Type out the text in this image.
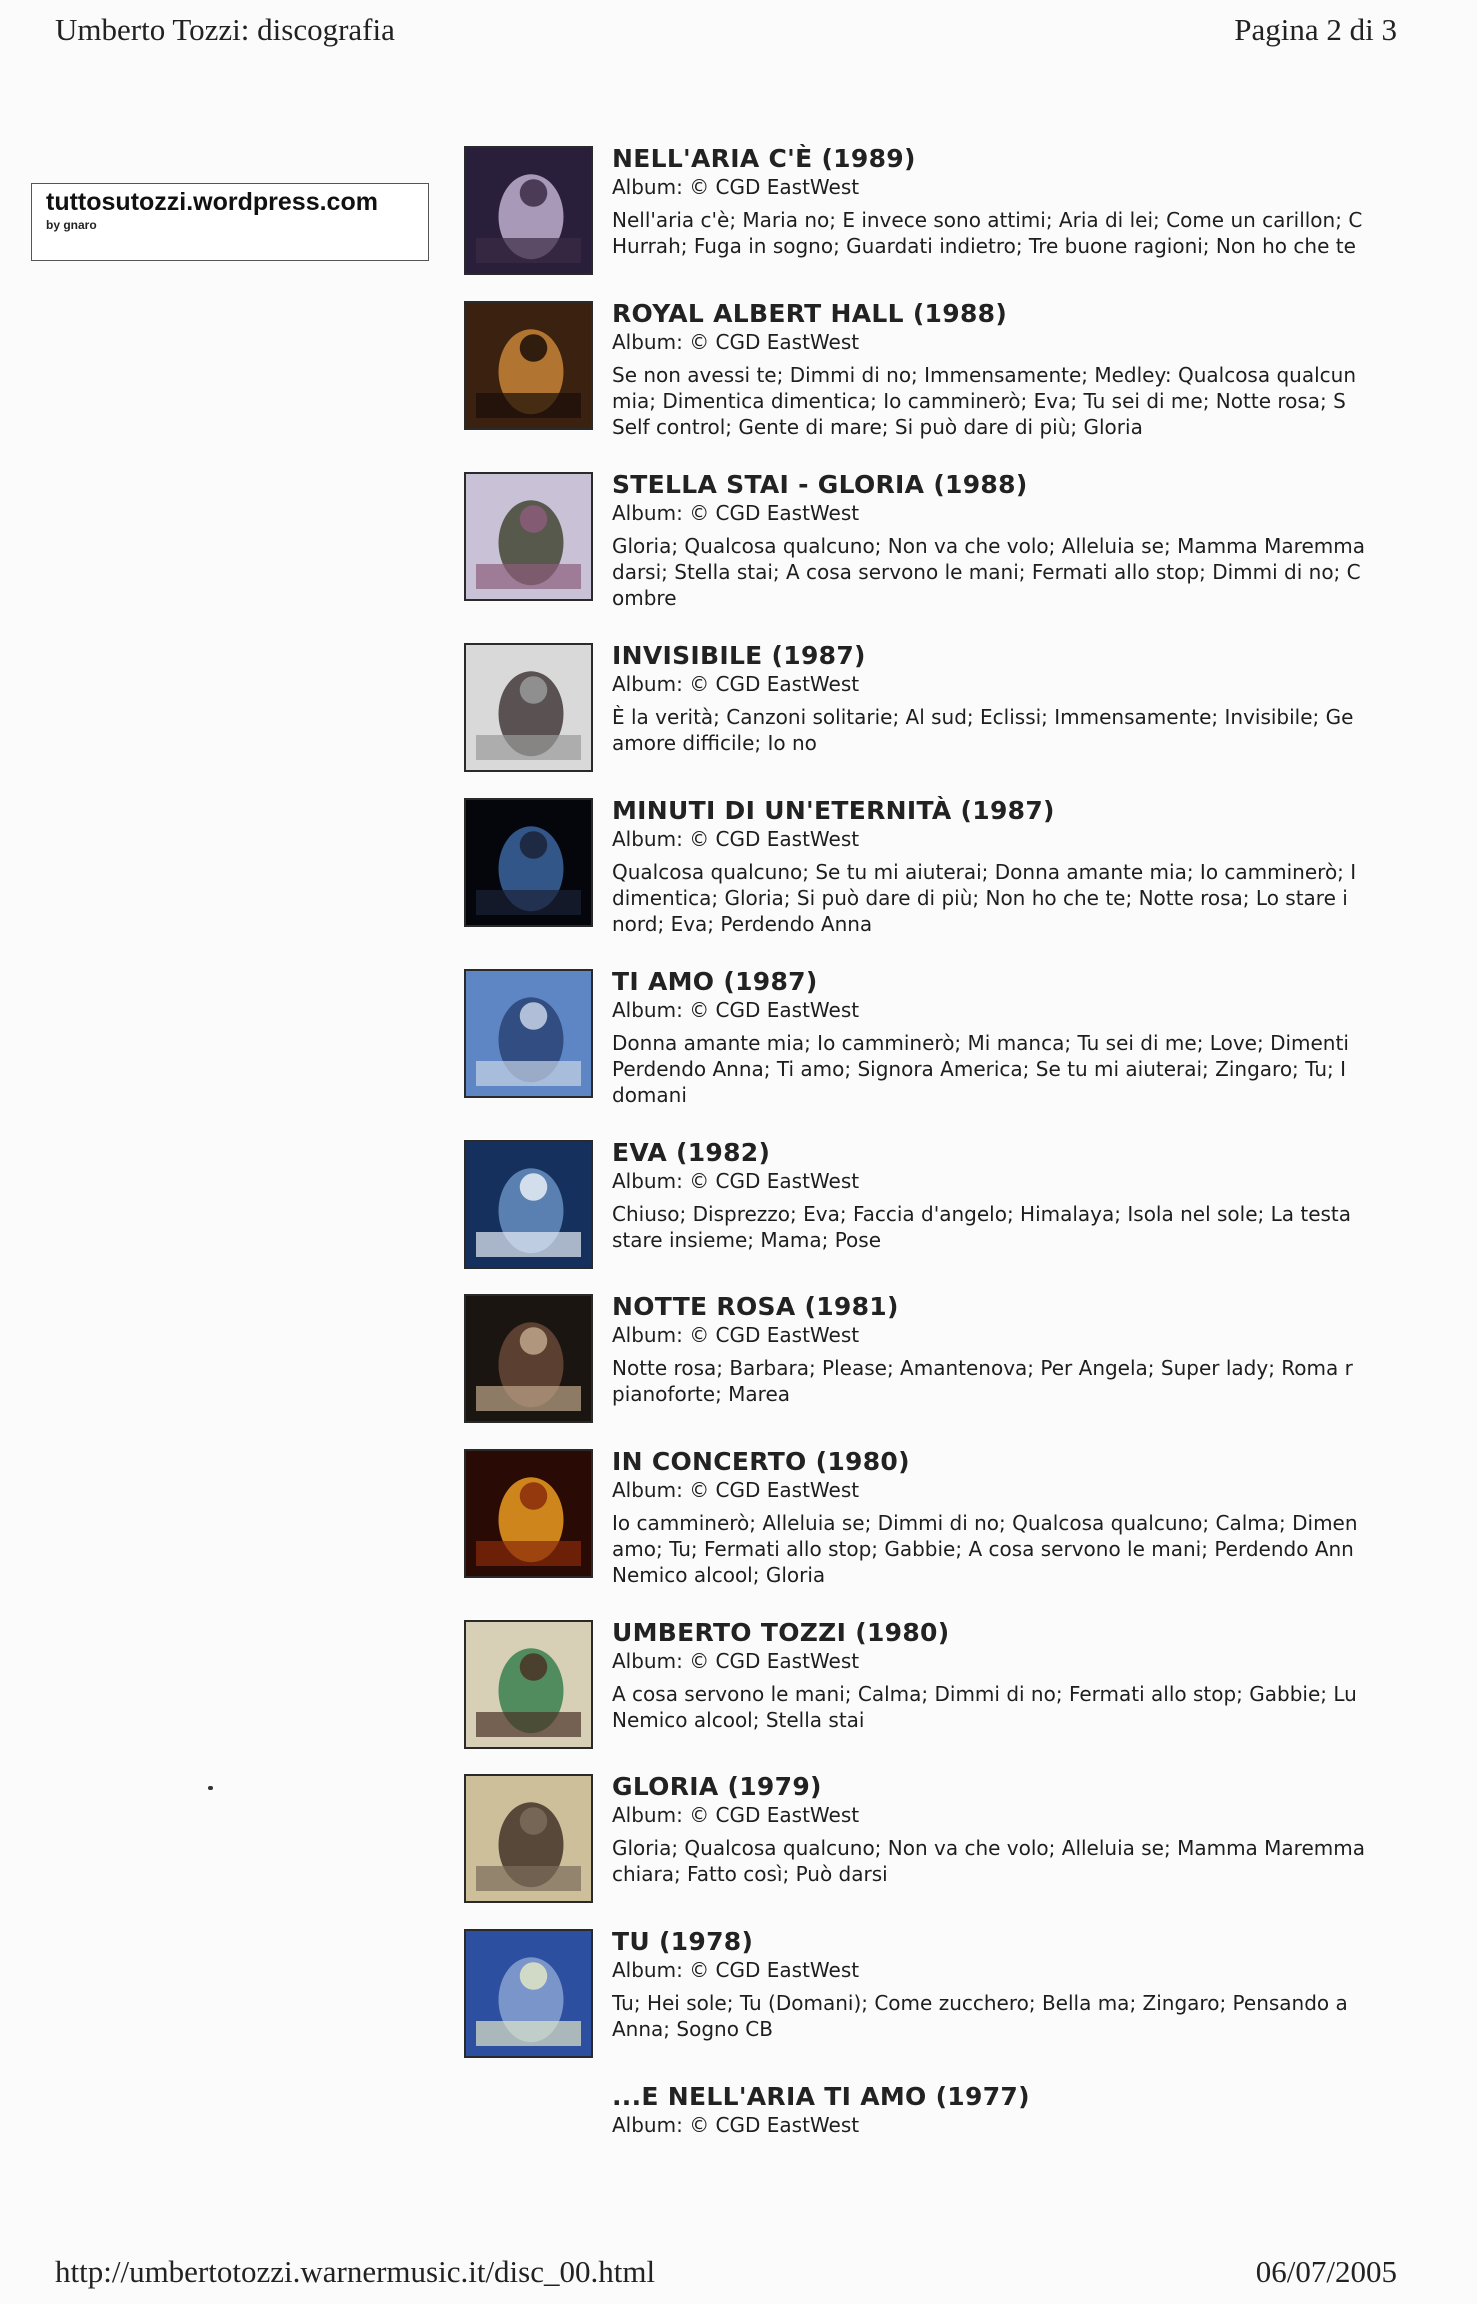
Umberto Tozzi: discografia	Pagina 2 di 3
tuttosutozzi.wordpress.com
by gnaro
NELL'ARIA C'È (1989)
Album: © CGD EastWest
Nell'aria c'è; Maria no; E invece sono attimi; Aria di lei; Come un carillon; C
Hurrah; Fuga in sogno; Guardati indietro; Tre buone ragioni; Non ho che te
ROYAL ALBERT HALL (1988)
Album: © CGD EastWest
Se non avessi te; Dimmi di no; Immensamente; Medley: Qualcosa qualcun
mia; Dimentica dimentica; Io camminerò; Eva; Tu sei di me; Notte rosa; S
Self control; Gente di mare; Si può dare di più; Gloria
STELLA STAI - GLORIA (1988)
Album: © CGD EastWest
Gloria; Qualcosa qualcuno; Non va che volo; Alleluia se; Mamma Maremma
darsi; Stella stai; A cosa servono le mani; Fermati allo stop; Dimmi di no; C
ombre
INVISIBILE (1987)
Album: © CGD EastWest
È la verità; Canzoni solitarie; Al sud; Eclissi; Immensamente; Invisibile; Ge
amore difficile; Io no
MINUTI DI UN'ETERNITÀ (1987)
Album: © CGD EastWest
Qualcosa qualcuno; Se tu mi aiuterai; Donna amante mia; Io camminerò; I
dimentica; Gloria; Si può dare di più; Non ho che te; Notte rosa; Lo stare i
nord; Eva; Perdendo Anna
TI AMO (1987)
Album: © CGD EastWest
Donna amante mia; Io camminerò; Mi manca; Tu sei di me; Love; Dimenti
Perdendo Anna; Ti amo; Signora America; Se tu mi aiuterai; Zingaro; Tu; I
domani
EVA (1982)
Album: © CGD EastWest
Chiuso; Disprezzo; Eva; Faccia d'angelo; Himalaya; Isola nel sole; La testa
stare insieme; Mama; Pose
NOTTE ROSA (1981)
Album: © CGD EastWest
Notte rosa; Barbara; Please; Amantenova; Per Angela; Super lady; Roma r
pianoforte; Marea
IN CONCERTO (1980)
Album: © CGD EastWest
Io camminerò; Alleluia se; Dimmi di no; Qualcosa qualcuno; Calma; Dimen
amo; Tu; Fermati allo stop; Gabbie; A cosa servono le mani; Perdendo Ann
Nemico alcool; Gloria
UMBERTO TOZZI (1980)
Album: © CGD EastWest
A cosa servono le mani; Calma; Dimmi di no; Fermati allo stop; Gabbie; Lu
Nemico alcool; Stella stai
GLORIA (1979)
Album: © CGD EastWest
Gloria; Qualcosa qualcuno; Non va che volo; Alleluia se; Mamma Maremma
chiara; Fatto così; Può darsi
TU (1978)
Album: © CGD EastWest
Tu; Hei sole; Tu (Domani); Come zucchero; Bella ma; Zingaro; Pensando a
Anna; Sogno CB
...E NELL'ARIA TI AMO (1977)
Album: © CGD EastWest
http://umbertotozzi.warnermusic.it/disc_00.html	06/07/2005
